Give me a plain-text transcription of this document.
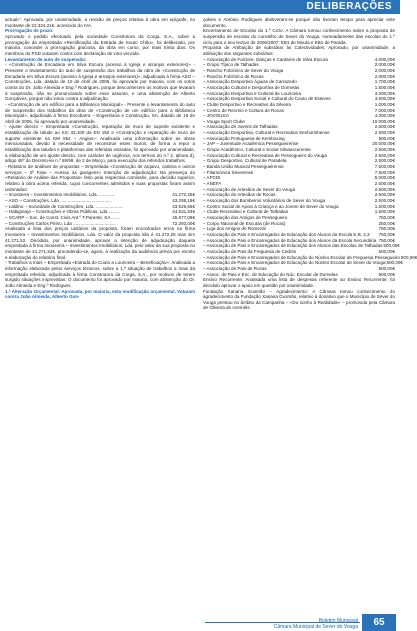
DELIBERAÇÕES

actual»': Aprovada, por unanimidade, a revisão de preços relativa à obra em epígrafe, no montante de 22.324,21€, acrescido do IVA.

Prorrogação de prazo:

Aprovado o pedido efectuado pela sociedade Construtora da Corga, S.A., sobre a prorrogação da empreitada «Rectificação da Estrada de Souto Chão», foi deliberado, por maioria, conceder a prorrogação graciosa, da obra em curso, por mais trinta dias. Os membros do PSD votaram contra com declaração de voto vencido.

Levantamento de auto de suspensão:

- «Construção de Escadaria em Silva Escura (acesso à Igreja e arranjos exteriores)» - Presente o levantamento do auto de suspensão dos trabalhos da obra de «Construção de Escadaria em Silva Escura (acesso à Igreja e arranjos exteriores)», adjudicada à firma ASO – Construções, Lda, datado de 10 de Abril de 2006, foi aprovado por maioria, com os votos contra do Dr. João Almeida e Eng.º Rodrigues, porque desconhecem os motivos que levaram à suspensão, não se pronunciando sobre esse assunto, e uma abstenção de Alberto Gonçalves, porque não votou contra a adjudicação.

- «Construção de um edifício para a Biblioteca Municipal» - Presente o levantamento do auto de suspensão dos trabalhos da obra de «Construção de um edifício para a Biblioteca Municipal», adjudicada à firma Encobarra – Engenharia e Construção, SA, datado de 18 de Abril de 2006, foi aprovado por unanimidade.

- Ajuste directo – Empreitada «Construção, reparação de muro de suporte existente e estabilização de talude ao Km 33,100 da EN 182 e «Construção e reparação de muro de suporte existente na EM 554 – Angios»: Analisada uma informação sobre as obras mencionadas, devido à necessidade de reconstruir estes muros, de forma a repor a estabilização dos taludes e plataformas das referidas estradas, foi aprovado por unanimidade, a elaboração de um ajuste directo, com carácter de urgência, nos termos do n.º 2, alínea d), artigo 48º do Decreto-lei n.º 59/99, de 2 de Março, para execução dos referidos trabalhos.

- Relatório de análises de propostas – Empreitada «Construção de arquivo, cantina e outros serviços – 2ª Fase – Acesso às garagens» Intenção de adjudicação: Na presença do «Relatório de Análise das Propostas» feito pela respectiva comissão, para decisão superior, relativo à obra acima referida, cujos concorrentes admitidos e suas propostas foram assim ordenados:

– Imosserra – Investimentos Imobiliários, Lda. ............	41.272,25€
– ASO – Construções, Lda .........................................	43.298,18€
– Laldino – Sociedade de Construções, Lda. ......................	43.526,66€
– Habigranja – Construções e Obras Públicas, Lda .........	44.631,84€
– SCARP – Soc. de Const. Civis Ant.º T.Parente, SA. ......	45.877,08€
– Construções Carlos Pinho, Lda ..................................	72.393,00€

Analisada a lista dos preços unitários da proposta, foram encontrados erros na firma Imosserra – Investimentos Imobiliários, Lda. O valor da proposta não é 41.272,25 mas sim 41.271,52. Decidido, por unanimidade, aprovar a intenção de adjudicação daquela empreitada à firma Imosserra – Investimentos Imobiliários, Lda, pelo valor da sua proposta no montante de 41.271,52€, procedendo-se, agora, à realização da audiência prévia por escrito e elaboração do relatório final.

- Trabalhos a mais – Empreitada «Estrada do Couto a Louriceira – Beneficiação»: Analisada a informação elaborada pelos serviços técnicos, sobre a 1.ª situação de trabalhos a mais da empreitada referida, adjudicada à firma Construtora da Corga, S.A., por motivos de terem surgido situações imprevistas. O documento foi aprovado por maioria, com abstenção do Dr. João Almeida e Eng.º Rodrigues.

1.ª Alteração Orçamental: Aprovada, por maioria, esta modificação orçamental. Votaram contra João Almeida, Alberto Gon-

çalves e António Rodrigues abstiveram-se porque não tiveram tempo para apreciar este documento.

Encerramento de Escolas do 1.º Ciclo: A Câmara tomou conhecimento sobre a proposta de suspensão de escolas do concelho de Sever do Vouga, nomeadamente das escolas do 1.º ciclo para o ano lectivo de 2006/2007: EB1 de Mouta e EB1 de Parada.

Proposta de Atribuição de subsídios às Colectividades: Aprovado, por unanimidade, a atribuição dos seguintes subsídios:

– Associação de Folclore, Danças e Cantares de Silva Escura	4.000,00€
– Grupo Típico de Talhadas	2.000,00€
– Rancho Folclórico de Sever do Vouga	2.000,00€
– Rancho Folclórico de Rocas	2.000,00€
– Associação Desportiva Águias de Carrazedo	1.700,00€
– Associação Cultural e Desportiva de Dornelas	1.500,00€
– Associação Desportiva e Cultural de Louriceira	3.000,00€
– Associação Desportiva Social e Cultural do Couto de Esteves	3.500,00€
– Clube Desportivo e Recreativo da Silveira	1.000,00€
– Centro de Recreio e Cultura de Rocas	7.000,00€
– JOVOUGA	4.000,00€
– Vouga Sport Clube	10.000,00€
– Associação de Jovens de Talhadas	2.500,00€
– Associação Desportiva, Cultural e Recreativa Senhorinhense	2.500,00€
– Associação Portuguesa de Kemboxing	500,00€
– JAP – Juventude Académica Pessegueirense	20.000,00€
– Grupo Académico, Cultural e Social Silvaescurense	2.500,00€
– Associação Cultural e Recreativa de Pessegueiro do Vouga	2.500,00€
– Grupo Desportivo, Cultural de Paradela	2.500,00€
– Banda União Musical Pessegueirense	7.500,00€
– Filarmónica Severense	7.500,00€
– APCDI	5.000,00€
– ANEFA	2.500,00€
– Associação de Artesãos de Sever do Vouga	2.500,00€
– Associação de Artesãos de Rocas	2.500,00€
– Associação dos Bombeiros Voluntários de Sever do Vouga	2.500,00€
– Centro Social de Apoio à Criança e ao Jovem de Sever do Vouga	1.500,00€
– Clube Recreativo e Cultural de Talhadas	1.500,00€
– Associação dos Amigos de Pessegueiro	750,00€
– Corpo Nacional de Escutas (de Rocas)	250,00€
– Liga dos Amigos de Romezal	750,00€
– Associação de Pais e Encarregados de Educação dos Alunos da Escola E.B. 2,3	750,00€
– Associação de Pais e Encarregados de Educação dos Alunos da Escola Secundária 750,00€
– Associação de Pais e Encarregados de Educação dos Alunos das Escolas de Talhadas 500,00€
– Associação de Pais da Freguesia de Cedrim	500,00€
– Associação de Pais e Encarregados de Educação do Núcleo Escolar de Freguesia Pessegueiro 500,00€
– Associação de Pais e Encarregados de Educação do Núcleo Escolar de Sever do Vouga 500,00€
– Associação de Pais de Rocas	500,00€
– Assoc. de Pais e Enc. de Educação do Núc. Escolar de Dornelas	500,00€

Ensino Recorrente: Analisada uma lista de despesas referente ao Ensino Recorrente, foi decidido aprovar o apoio em questão por unanimidade.

Fundação Xanana Gusmão – Agradecimento: A Câmara tomou conhecimento do agradecimento da Fundação Xanana Gusmão, relativo à donativo que o Município de Sever do Vouga prestou no âmbito da Campanha – «Do sonho à Realidade» – promovida pela Câmara de Oliveira de Azeméis.

Boletim Municipal
Câmara Municipal de Sever do Vouga	65
